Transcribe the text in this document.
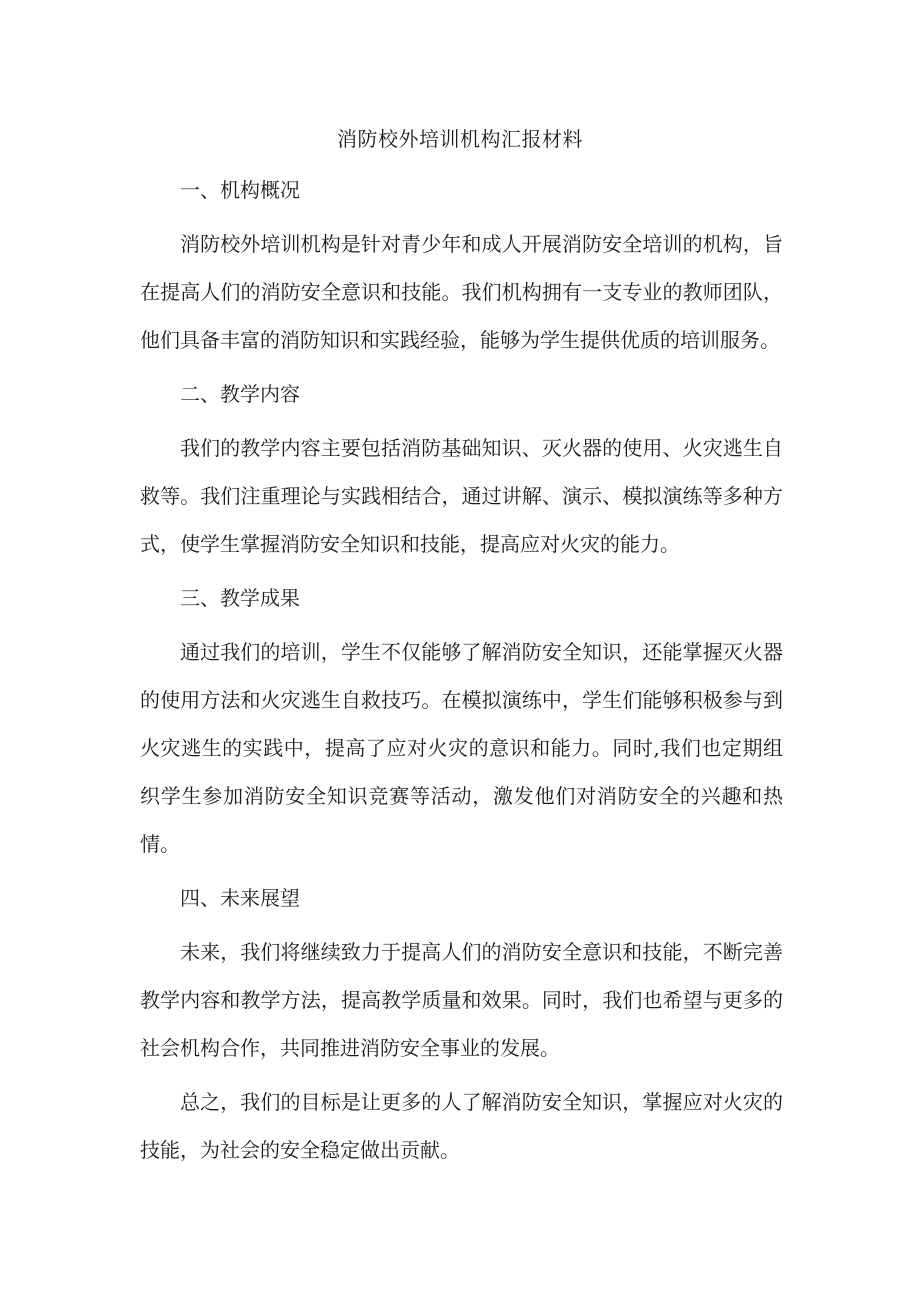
消防校外培训机构汇报材料
一、机构概况

消防校外培训机构是针对青少年和成人开展消防安全培训的机构，旨在提高人们的消防安全意识和技能。我们机构拥有一支专业的教师团队，他们具备丰富的消防知识和实践经验，能够为学生提供优质的培训服务。

二、教学内容

我们的教学内容主要包括消防基础知识、灭火器的使用、火灾逃生自救等。我们注重理论与实践相结合，通过讲解、演示、模拟演练等多种方式，使学生掌握消防安全知识和技能，提高应对火灾的能力。

三、教学成果

通过我们的培训，学生不仅能够了解消防安全知识，还能掌握灭火器的使用方法和火灾逃生自救技巧。在模拟演练中，学生们能够积极参与到火灾逃生的实践中，提高了应对火灾的意识和能力。同时,我们也定期组织学生参加消防安全知识竞赛等活动，激发他们对消防安全的兴趣和热情。

四、未来展望

未来，我们将继续致力于提高人们的消防安全意识和技能，不断完善教学内容和教学方法，提高教学质量和效果。同时，我们也希望与更多的社会机构合作，共同推进消防安全事业的发展。

总之，我们的目标是让更多的人了解消防安全知识，掌握应对火灾的技能，为社会的安全稳定做出贡献。
